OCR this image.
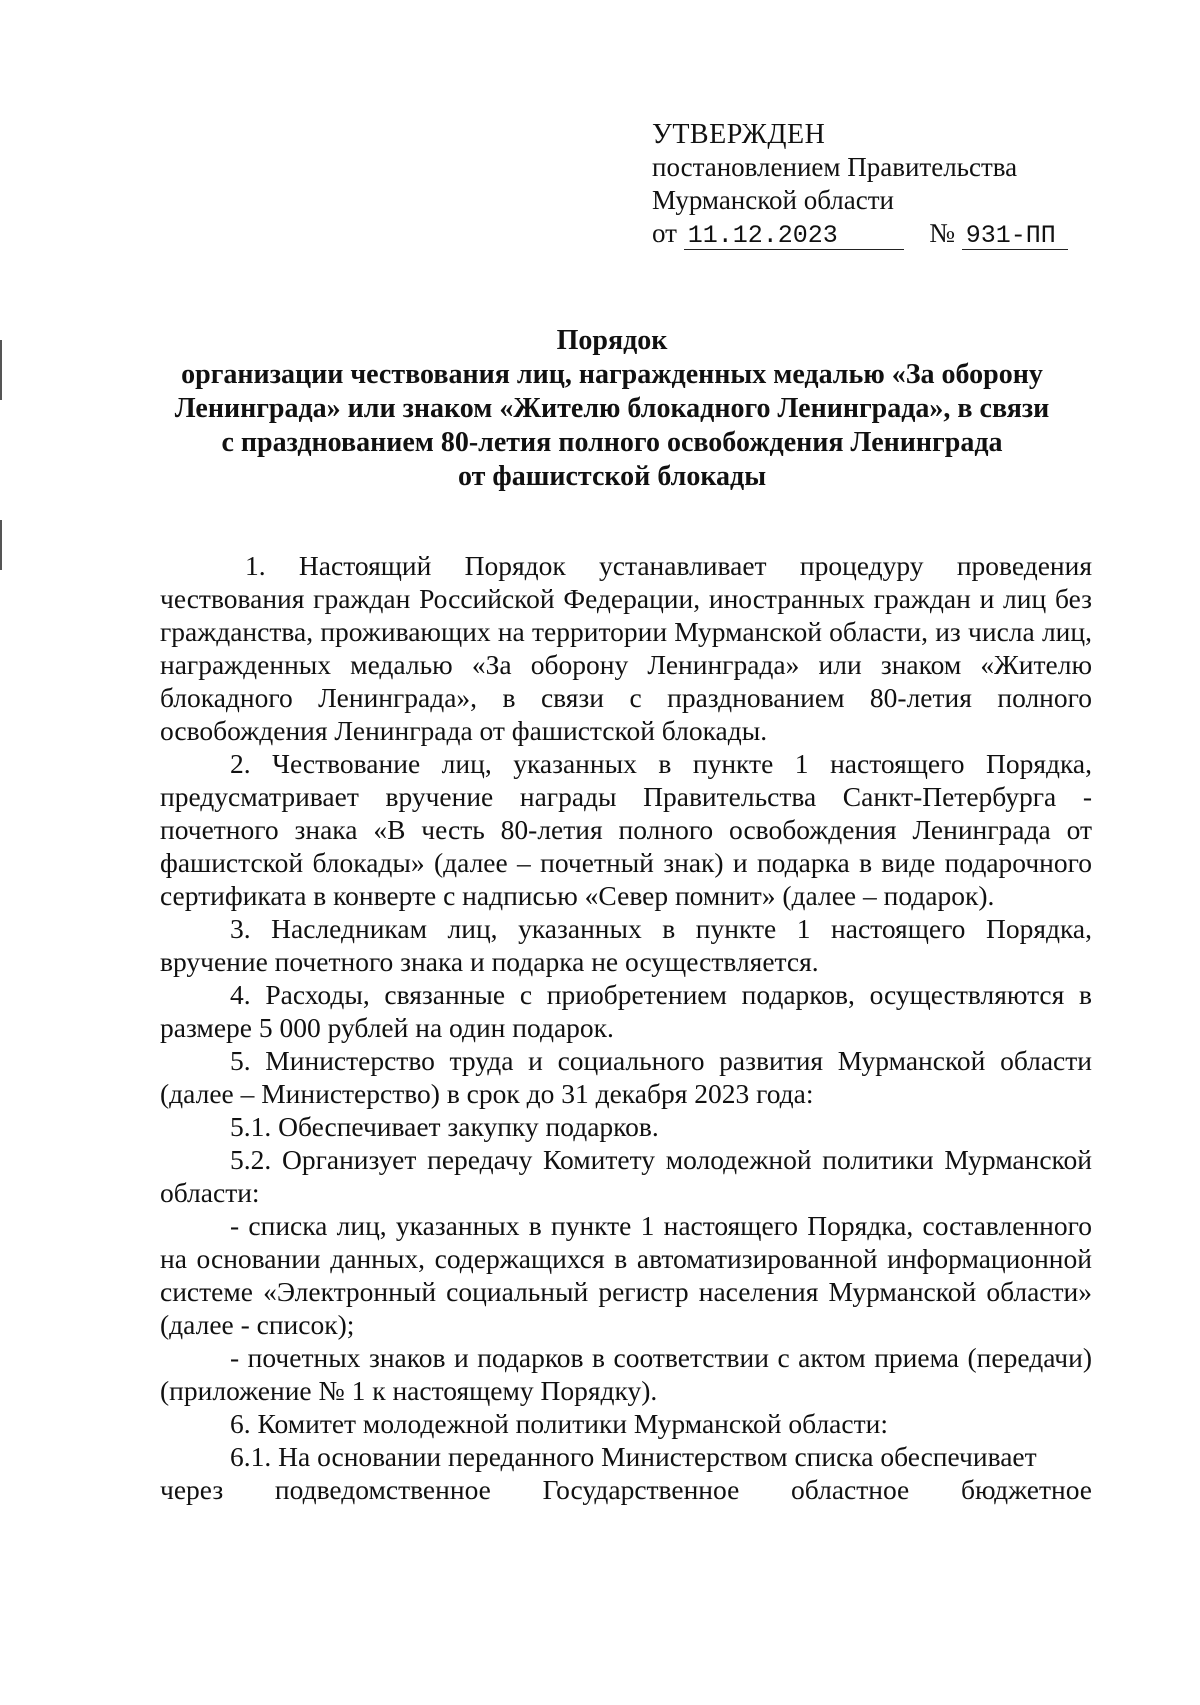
УТВЕРЖДЕН
постановлением Правительства
Мурманской области
от 11.12.2023	№ 931-ПП
Порядок
организации чествования лиц, награжденных медалью «За оборону
Ленинграда» или знаком «Жителю блокадного Ленинграда», в связи
с празднованием 80-летия полного освобождения Ленинграда
от фашистской блокады

1. Настоящий Порядок устанавливает процедуру проведения чествования граждан Российской Федерации, иностранных граждан и лиц без гражданства, проживающих на территории Мурманской области, из числа лиц, награжденных медалью «За оборону Ленинграда» или знаком «Жителю блокадного Ленинграда», в связи с празднованием 80-летия полного освобождения Ленинграда от фашистской блокады.

2. Чествование лиц, указанных в пункте 1 настоящего Порядка, предусматривает вручение награды Правительства Санкт-Петербурга - почетного знака «В честь 80-летия полного освобождения Ленинграда от фашистской блокады» (далее – почетный знак) и подарка в виде подарочного сертификата в конверте с надписью «Север помнит» (далее – подарок).

3. Наследникам лиц, указанных в пункте 1 настоящего Порядка, вручение почетного знака и подарка не осуществляется.

4. Расходы, связанные с приобретением подарков, осуществляются в размере 5 000 рублей на один подарок.

5. Министерство труда и социального развития Мурманской области (далее – Министерство) в срок до 31 декабря 2023 года:

5.1. Обеспечивает закупку подарков.

5.2. Организует передачу Комитету молодежной политики Мурманской области:

- списка лиц, указанных в пункте 1 настоящего Порядка, составленного на основании данных, содержащихся в автоматизированной информационной системе «Электронный социальный регистр населения Мурманской области» (далее - список);

- почетных знаков и подарков в соответствии с актом приема (передачи) (приложение № 1 к настоящему Порядку).

6. Комитет молодежной политики Мурманской области:

6.1. На основании переданного Министерством списка обеспечивает

через подведомственное Государственное областное бюджетное
